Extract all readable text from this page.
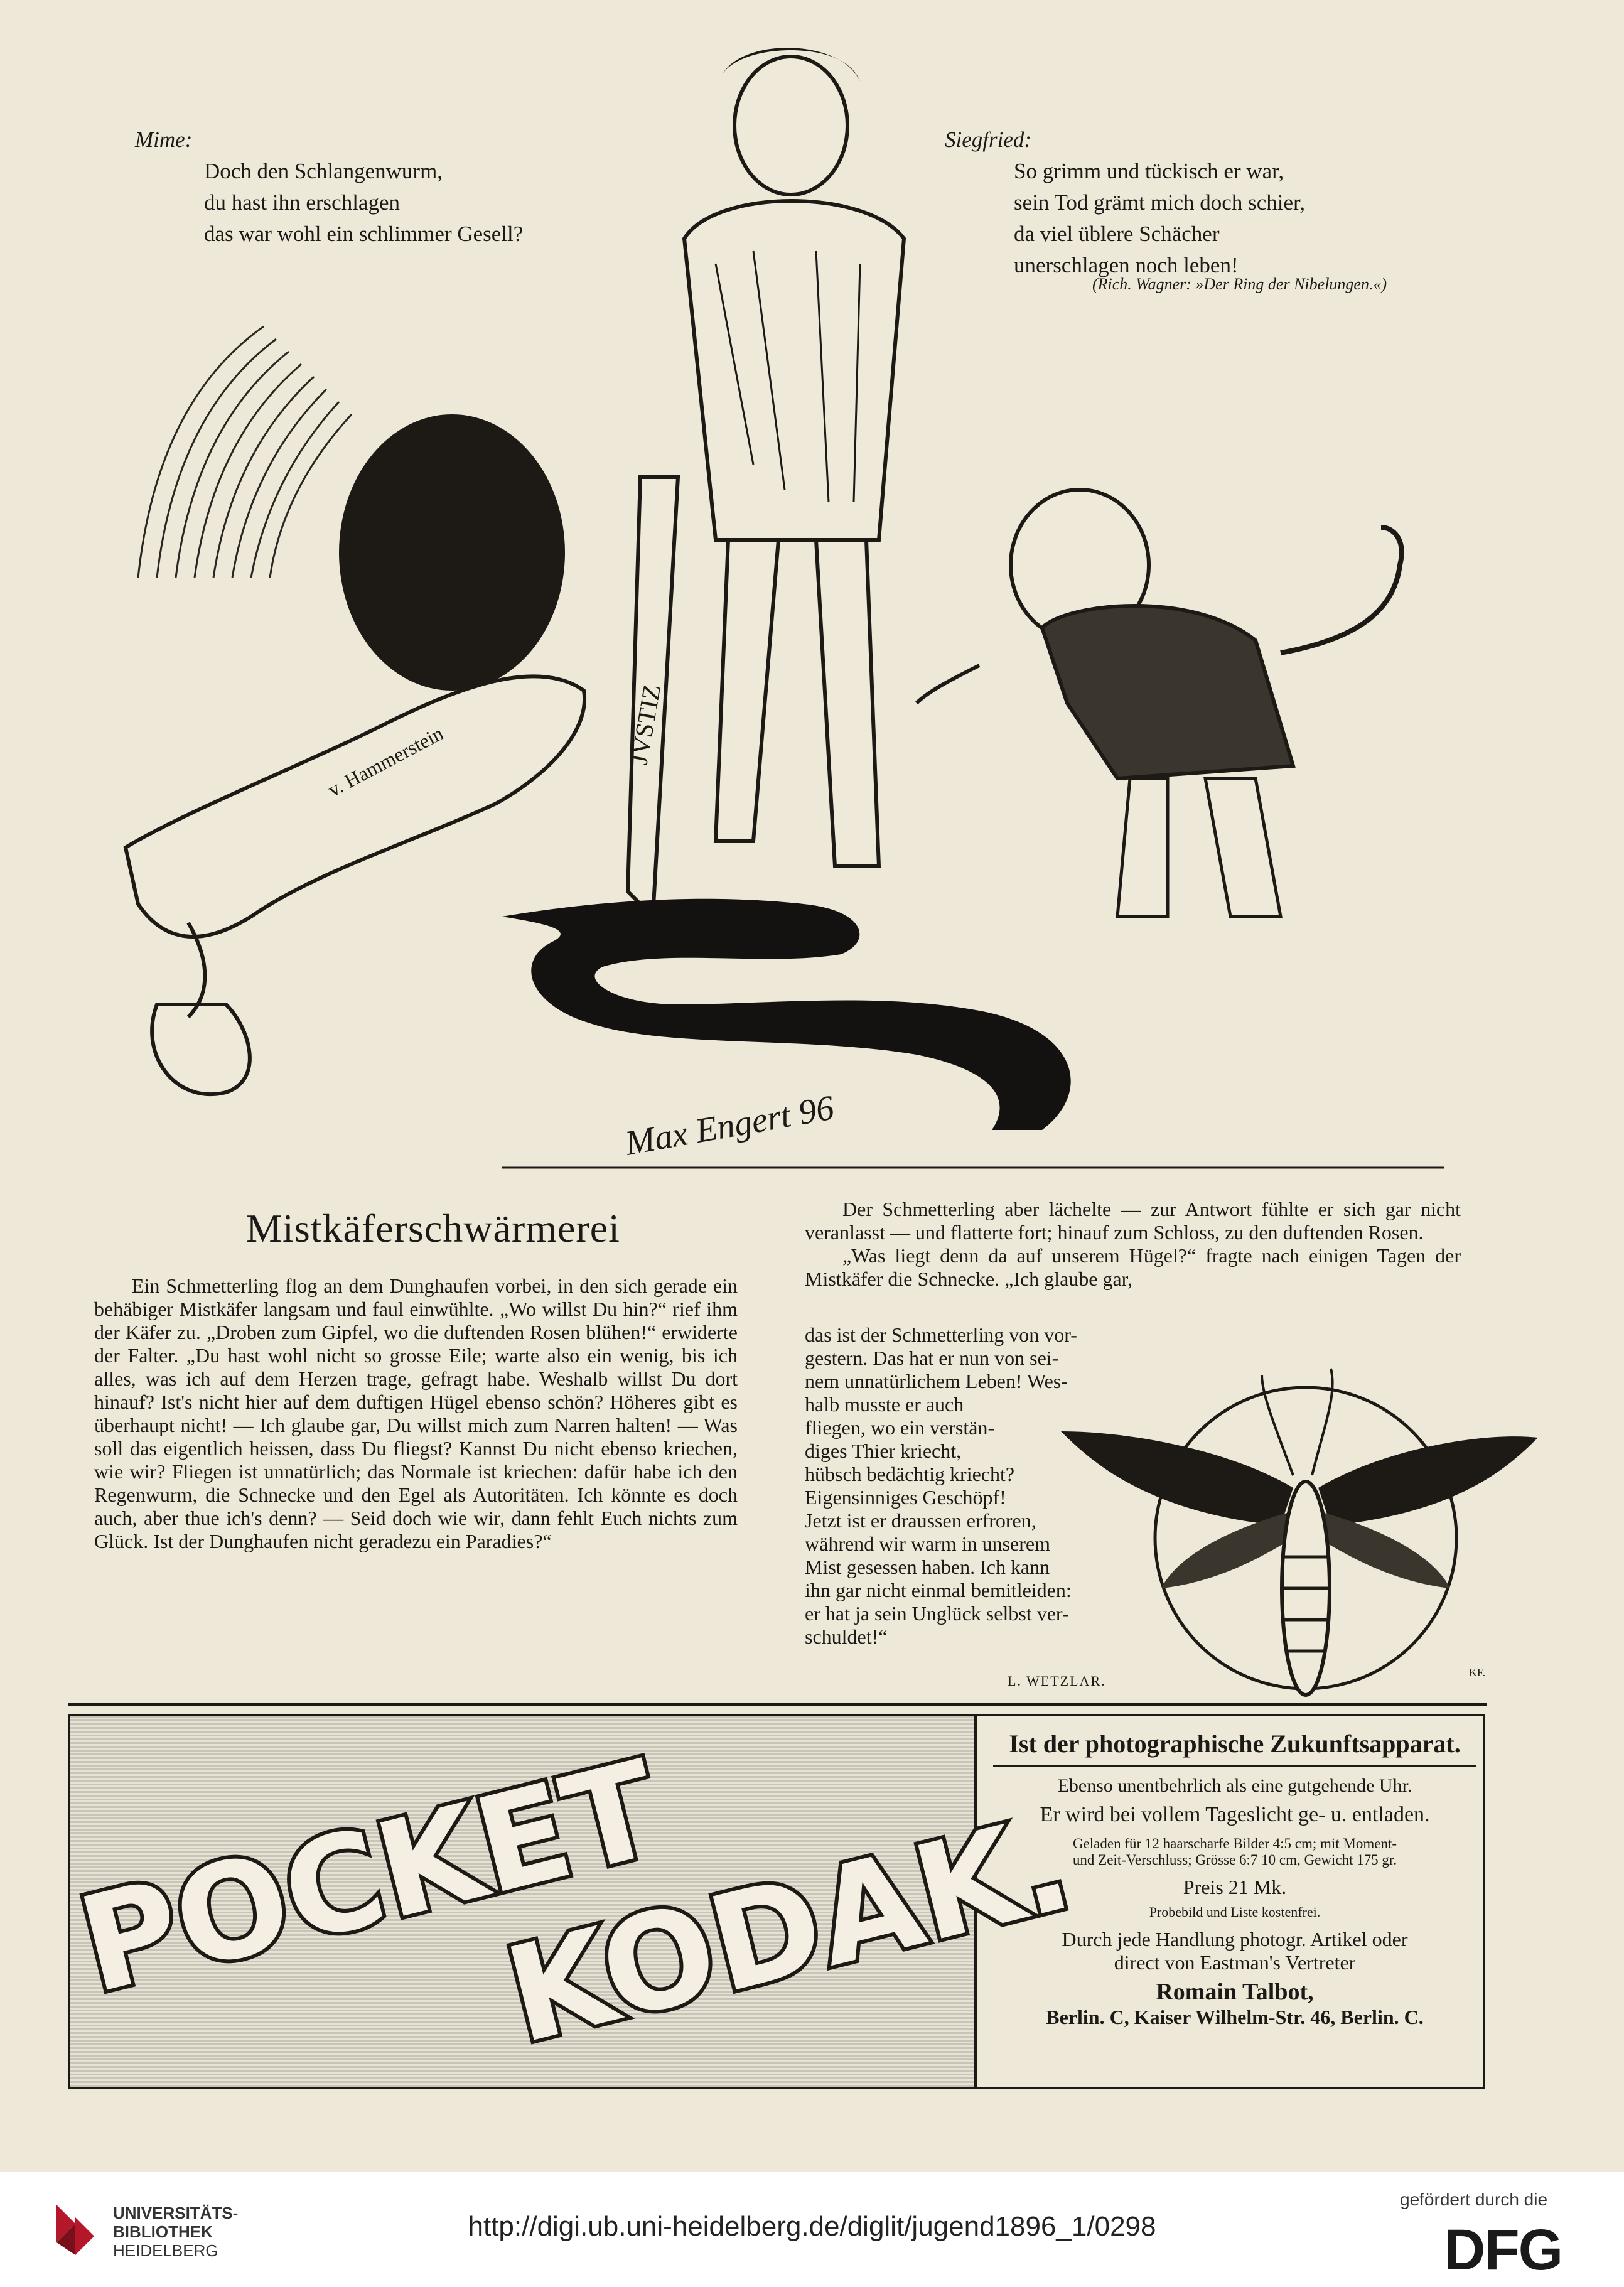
Mime:
Doch den Schlangenwurm,
du hast ihn erschlagen
das war wohl ein schlimmer Gesell?
Siegfried:
So grimm und tückisch er war,
sein Tod grämt mich doch schier,
da viel üblere Schächer
unerschlagen noch leben!
(Rich. Wagner: »Der Ring der Nibelungen.«)
JVSTIZ
v. Hammerstein
Max Engert 96
Mistkäferschwärmerei

Ein Schmetterling flog an dem Dunghaufen vorbei, in den sich gerade ein behäbiger Mistkäfer langsam und faul einwühlte. „Wo willst Du hin?“ rief ihm der Käfer zu. „Droben zum Gipfel, wo die duftenden Rosen blühen!“ erwiderte der Falter. „Du hast wohl nicht so grosse Eile; warte also ein wenig, bis ich alles, was ich auf dem Herzen trage, gefragt habe. Weshalb willst Du dort hinauf? Ist's nicht hier auf dem duftigen Hügel ebenso schön? Höheres gibt es überhaupt nicht! — Ich glaube gar, Du willst mich zum Narren halten! — Was soll das eigentlich heissen, dass Du fliegst? Kannst Du nicht ebenso kriechen, wie wir? Fliegen ist unnatürlich; das Normale ist kriechen: dafür habe ich den Regenwurm, die Schnecke und den Egel als Autoritäten. Ich könnte es doch auch, aber thue ich's denn? — Seid doch wie wir, dann fehlt Euch nichts zum Glück. Ist der Dunghaufen nicht geradezu ein Paradies?“

Der Schmetterling aber lächelte — zur Antwort fühlte er sich gar nicht veranlasst — und flatterte fort; hinauf zum Schloss, zu den duftenden Rosen.

„Was liegt denn da auf unserem Hügel?“ fragte nach einigen Tagen der Mistkäfer die Schnecke. „Ich glaube gar,

das ist der Schmetterling von vor-
gestern. Das hat er nun von sei-
nem unnatürlichem Leben! Wes-
halb musste er auch
fliegen, wo ein verstän-
diges Thier kriecht,
hübsch bedächtig kriecht?
Eigensinniges Geschöpf!
Jetzt ist er draussen erfroren,
während wir warm in unserem
Mist gesessen haben. Ich kann
ihn gar nicht einmal bemitleiden:
er hat ja sein Unglück selbst ver-
schuldet!“
L. WETZLAR.
KF.
POCKET
KODAK.
Ist der photographische Zukunftsapparat.
Ebenso unentbehrlich als eine gutgehende Uhr.
Er wird bei vollem Tageslicht ge- u. entladen.
Geladen für 12 haarscharfe Bilder 4:5 cm; mit Moment-
und Zeit-Verschluss; Grösse 6:7 10 cm, Gewicht 175 gr.
Preis 21 Mk.
Probebild und Liste kostenfrei.
Durch jede Handlung photogr. Artikel oder
direct von Eastman's Vertreter
Romain Talbot,
Berlin. C, Kaiser Wilhelm-Str. 46, Berlin. C.
UNIVERSITÄTS-
BIBLIOTHEK
HEIDELBERG
http://digi.ub.uni-heidelberg.de/diglit/jugend1896_1/0298
gefördert durch die
DFG
